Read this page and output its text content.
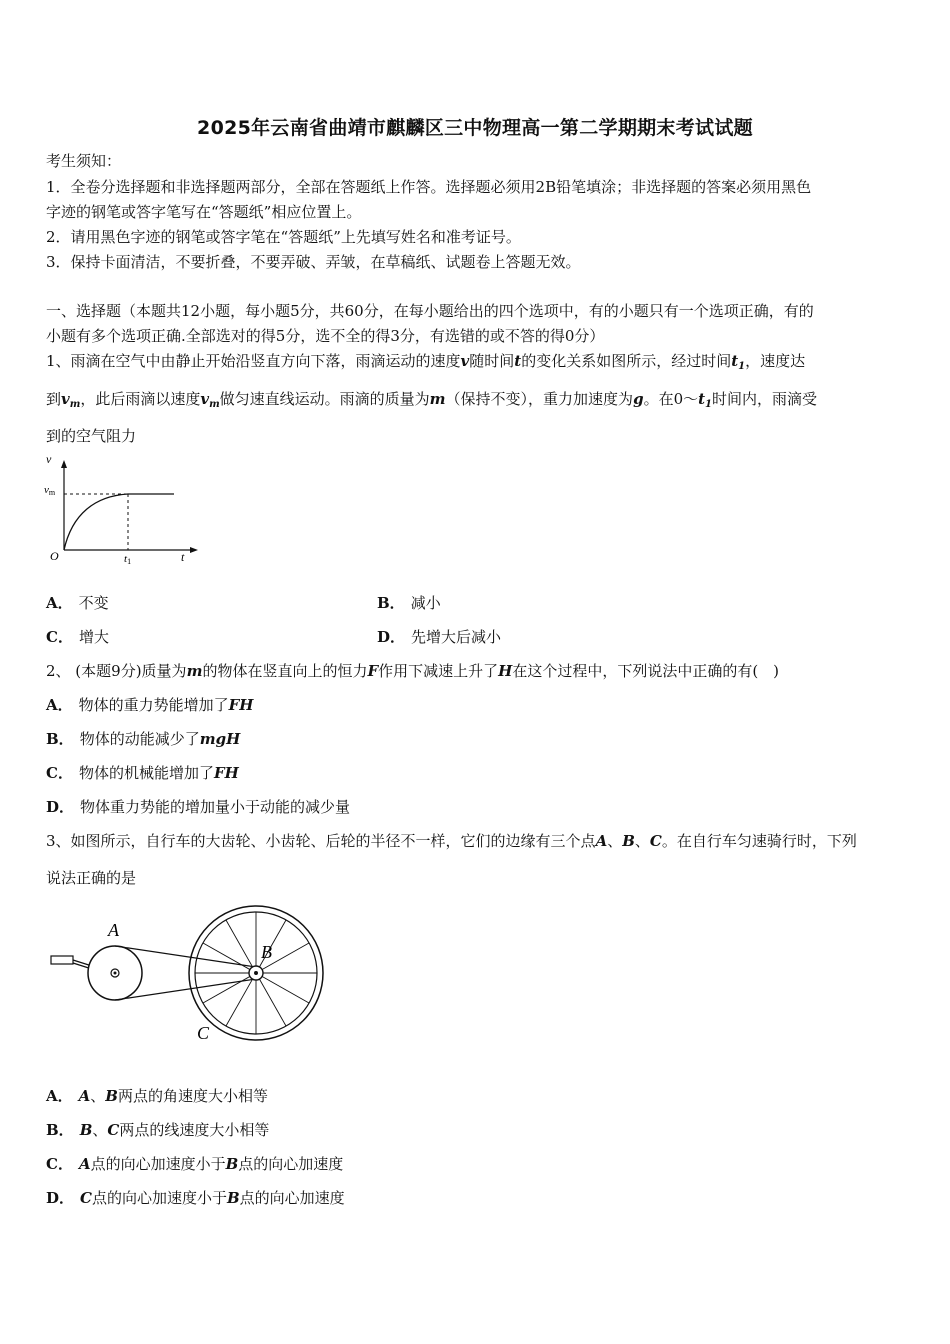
2025年云南省曲靖市麒麟区三中物理高一第二学期期末考试试题
考生须知：
1．全卷分选择题和非选择题两部分，全部在答题纸上作答。选择题必须用2B铅笔填涂；非选择题的答案必须用黑色
字迹的钢笔或答字笔写在“答题纸”相应位置上。
2．请用黑色字迹的钢笔或答字笔在“答题纸”上先填写姓名和准考证号。
3．保持卡面清洁，不要折叠，不要弄破、弄皱，在草稿纸、试题卷上答题无效。
一、选择题（本题共12小题，每小题5分，共60分，在每小题给出的四个选项中，有的小题只有一个选项正确，有的
小题有多个选项正确.全部选对的得5分，选不全的得3分，有选错的或不答的得0分）
1、雨滴在空气中由静止开始沿竖直方向下落，雨滴运动的速度v随时间t的变化关系如图所示，经过时间$t_1$，速度达
到$v_m$，此后雨滴以速度$v_m$做匀速直线运动。雨滴的质量为m（保持不变），重力加速度为g。在$0\sim t_1$时间内，雨滴受
到的空气阻力
v
vm
O	t1	t
A． 不变	B． 减小
C． 增大	D． 先增大后减小
2、 (本题9分)质量为m的物体在竖直向上的恒力F作用下减速上升了H在这个过程中，下列说法中正确的有(　)
A． 物体的重力势能增加了FH
B． 物体的动能减少了mgH
C． 物体的机械能增加了FH
D． 物体重力势能的增加量小于动能的减少量
3、如图所示，自行车的大齿轮、小齿轮、后轮的半径不一样，它们的边缘有三个点A、B、C。在自行车匀速骑行时，下列
说法正确的是
A
B
C
A． A、B两点的角速度大小相等
B． B、C两点的线速度大小相等
C． A点的向心加速度小于B点的向心加速度
D． C点的向心加速度小于B点的向心加速度
